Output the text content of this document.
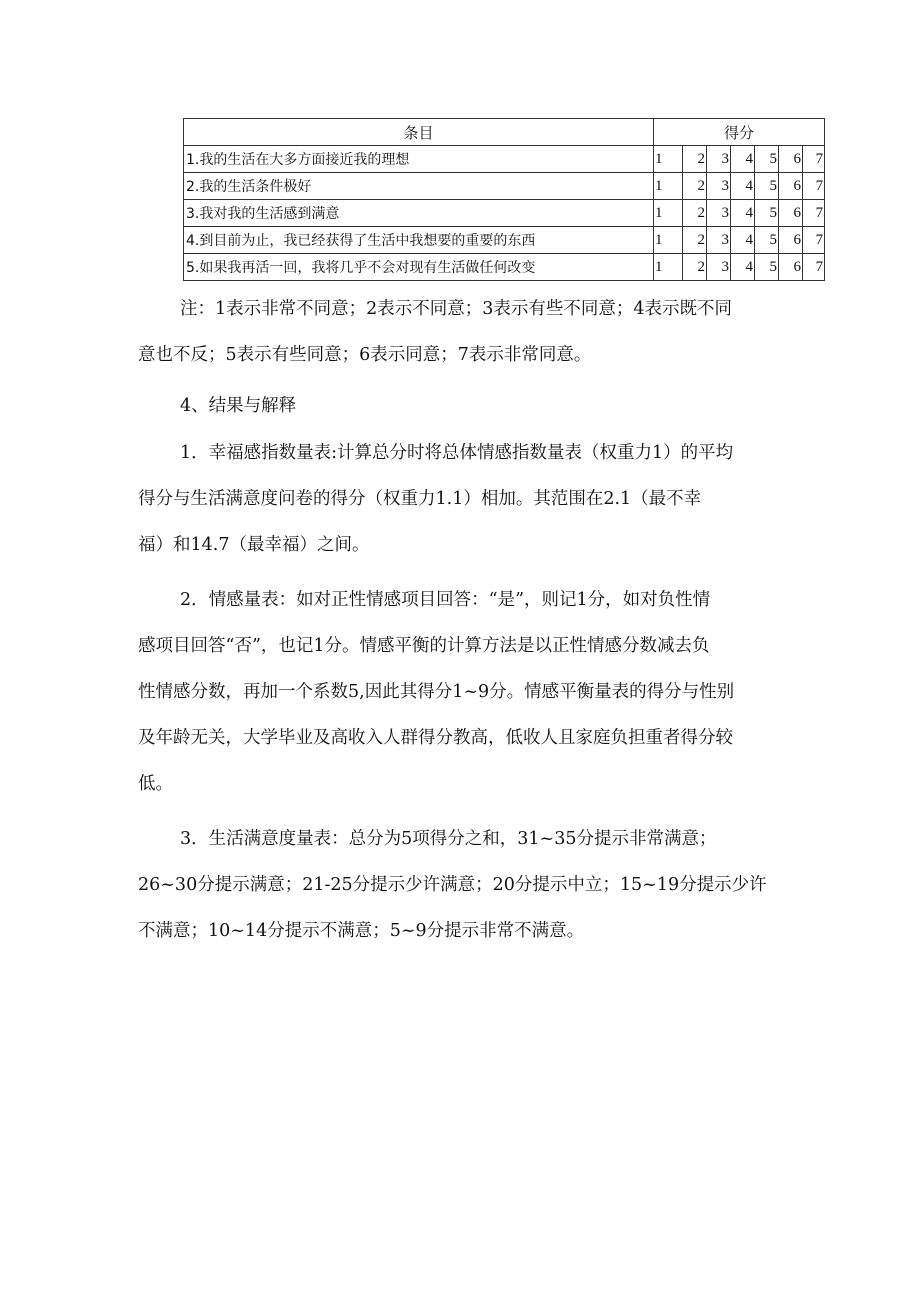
条目	得分						
1.我的生活在大多方面接近我的理想	1	2	3	4	5	6	7
2.我的生活条件极好	1	2	3	4	5	6	7
3.我对我的生活感到满意	1	2	3	4	5	6	7
4.到目前为止，我已经获得了生活中我想要的重要的东西	1	2	3	4	5	6	7
5.如果我再活一回，我将几乎不会对现有生活做任何改变	1	2	3	4	5	6	7

注：1表示非常不同意；2表示不同意；3表示有些不同意；4表示既不同
意也不反；5表示有些同意；6表示同意；7表示非常同意。

4、结果与解释

1．幸福感指数量表:计算总分时将总体情感指数量表（权重力1）的平均
得分与生活满意度问卷的得分（权重力1.1）相加。其范围在2.1（最不幸
福）和14.7（最幸福）之间。

2．情感量表：如对正性情感项目回答：“是”，则记1分，如对负性情
感项目回答“否”，也记1分。情感平衡的计算方法是以正性情感分数减去负
性情感分数，再加一个系数5,因此其得分1~9分。情感平衡量表的得分与性别
及年龄无关，大学毕业及高收入人群得分教高，低收人且家庭负担重者得分较
低。

3．生活满意度量表：总分为5项得分之和，31~35分提示非常满意；
26~30分提示满意；21-25分提示少许满意；20分提示中立；15~19分提示少许
不满意；10~14分提示不满意；5~9分提示非常不满意。
